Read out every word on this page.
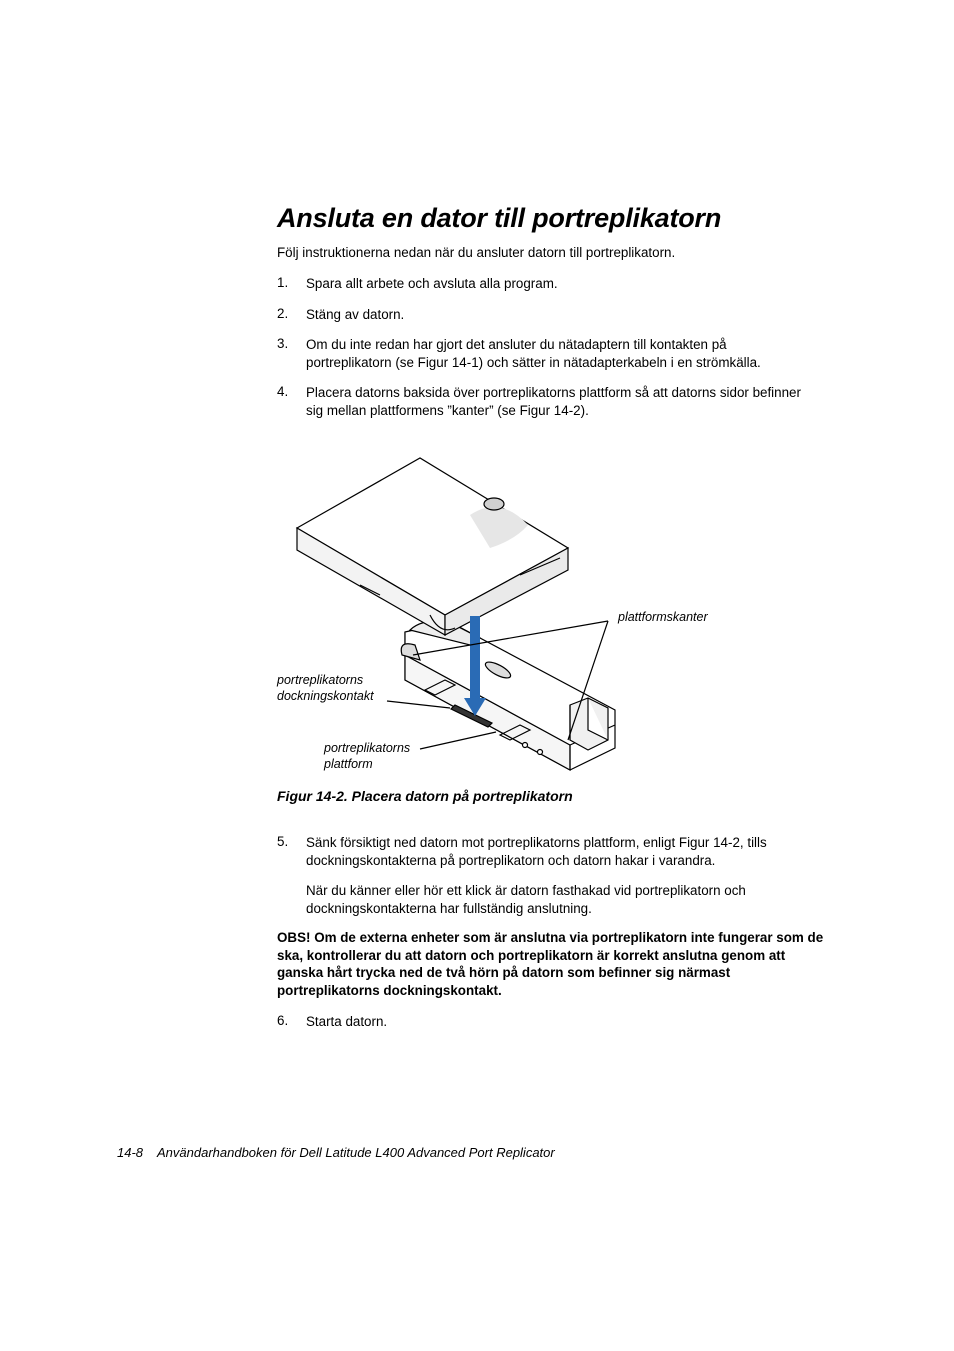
Ansluta en dator till portreplikatorn
Följ instruktionerna nedan när du ansluter datorn till portreplikatorn.
1. Spara allt arbete och avsluta alla program.
2. Stäng av datorn.
3. Om du inte redan har gjort det ansluter du nätadaptern till kontakten på portreplikatorn (se Figur 14-1) och sätter in nätadapterkabeln i en strömkälla.
4. Placera datorns baksida över portreplikatorns plattform så att datorns sidor befinner sig mellan plattformens ”kanter” (se Figur 14-2).
plattformskanter
portreplikatorns dockningskontakt
portreplikatorns plattform
Figur 14-2. Placera datorn på portreplikatorn
5. Sänk försiktigt ned datorn mot portreplikatorns plattform, enligt Figur 14-2, tills dockningskontakterna på portreplikatorn och datorn hakar i varandra.
När du känner eller hör ett klick är datorn fasthakad vid portreplikatorn och dockningskontakterna har fullständig anslutning.
OBS! Om de externa enheter som är anslutna via portreplikatorn inte fungerar som de ska, kontrollerar du att datorn och portreplikatorn är korrekt anslutna genom att ganska hårt trycka ned de två hörn på datorn som befinner sig närmast portreplikatorns dockningskontakt.
6. Starta datorn.
14-8 Användarhandboken för Dell Latitude L400 Advanced Port Replicator
